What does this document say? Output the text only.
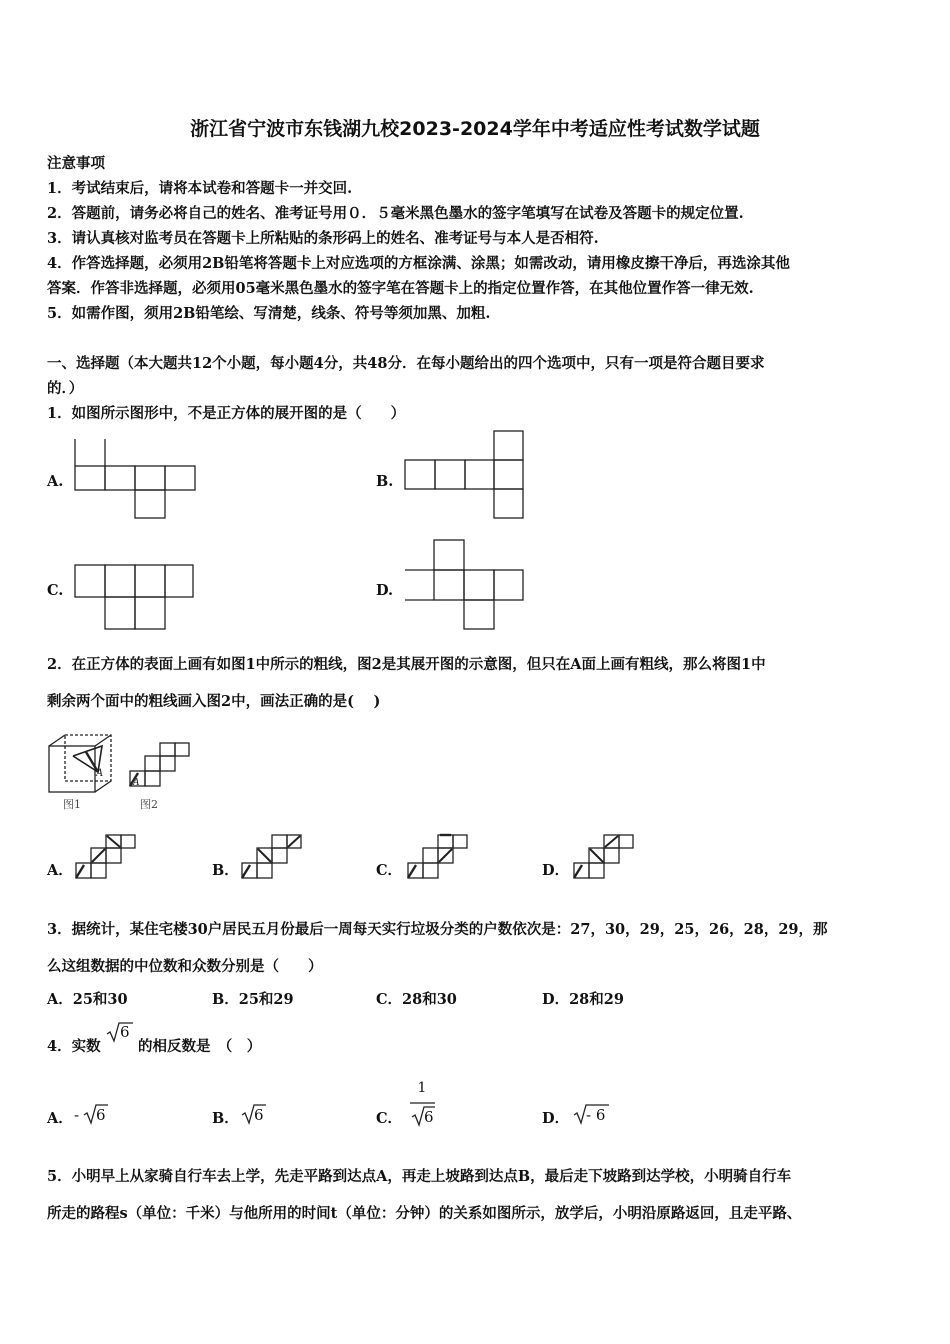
浙江省宁波市东钱湖九校2023-2024学年中考适应性考试数学试题
注意事项
1．考试结束后，请将本试卷和答题卡一并交回.
2．答题前，请务必将自己的姓名、准考证号用０．５毫米黑色墨水的签字笔填写在试卷及答题卡的规定位置.
3．请认真核对监考员在答题卡上所粘贴的条形码上的姓名、准考证号与本人是否相符.
4．作答选择题，必须用2B铅笔将答题卡上对应选项的方框涂满、涂黑；如需改动，请用橡皮擦干净后，再选涂其他
答案．作答非选择题，必须用05毫米黑色墨水的签字笔在答题卡上的指定位置作答，在其他位置作答一律无效.
5．如需作图，须用2B铅笔绘、写清楚，线条、符号等须加黑、加粗.
一、选择题（本大题共12个小题，每小题4分，共48分．在每小题给出的四个选项中，只有一项是符合题目要求
的．）
1．如图所示图形中，不是正方体的展开图的是（　　）
A.	B.
C.	D.
2．在正方体的表面上画有如图1中所示的粗线，图2是其展开图的示意图，但只在A面上画有粗线，那么将图1中
剩余两个面中的粗线画入图2中，画法正确的是(　 )
A
图1
A
图2
A．	B．	C．	D．
3．据统计，某住宅楼30户居民五月份最后一周每天实行垃圾分类的户数依次是：27，30，29，25，26，28，29，那
么这组数据的中位数和众数分别是（　　）
A．25和30	B．25和29	C．28和30	D．28和29
4．实数
6
的相反数是　（　）
A． - 6	B． 6	C．
1
6	D． - 6
5．小明早上从家骑自行车去上学，先走平路到达点A，再走上坡路到达点B，最后走下坡路到达学校，小明骑自行车
所走的路程s（单位：千米）与他所用的时间t（单位：分钟）的关系如图所示，放学后，小明沿原路返回，且走平路、
